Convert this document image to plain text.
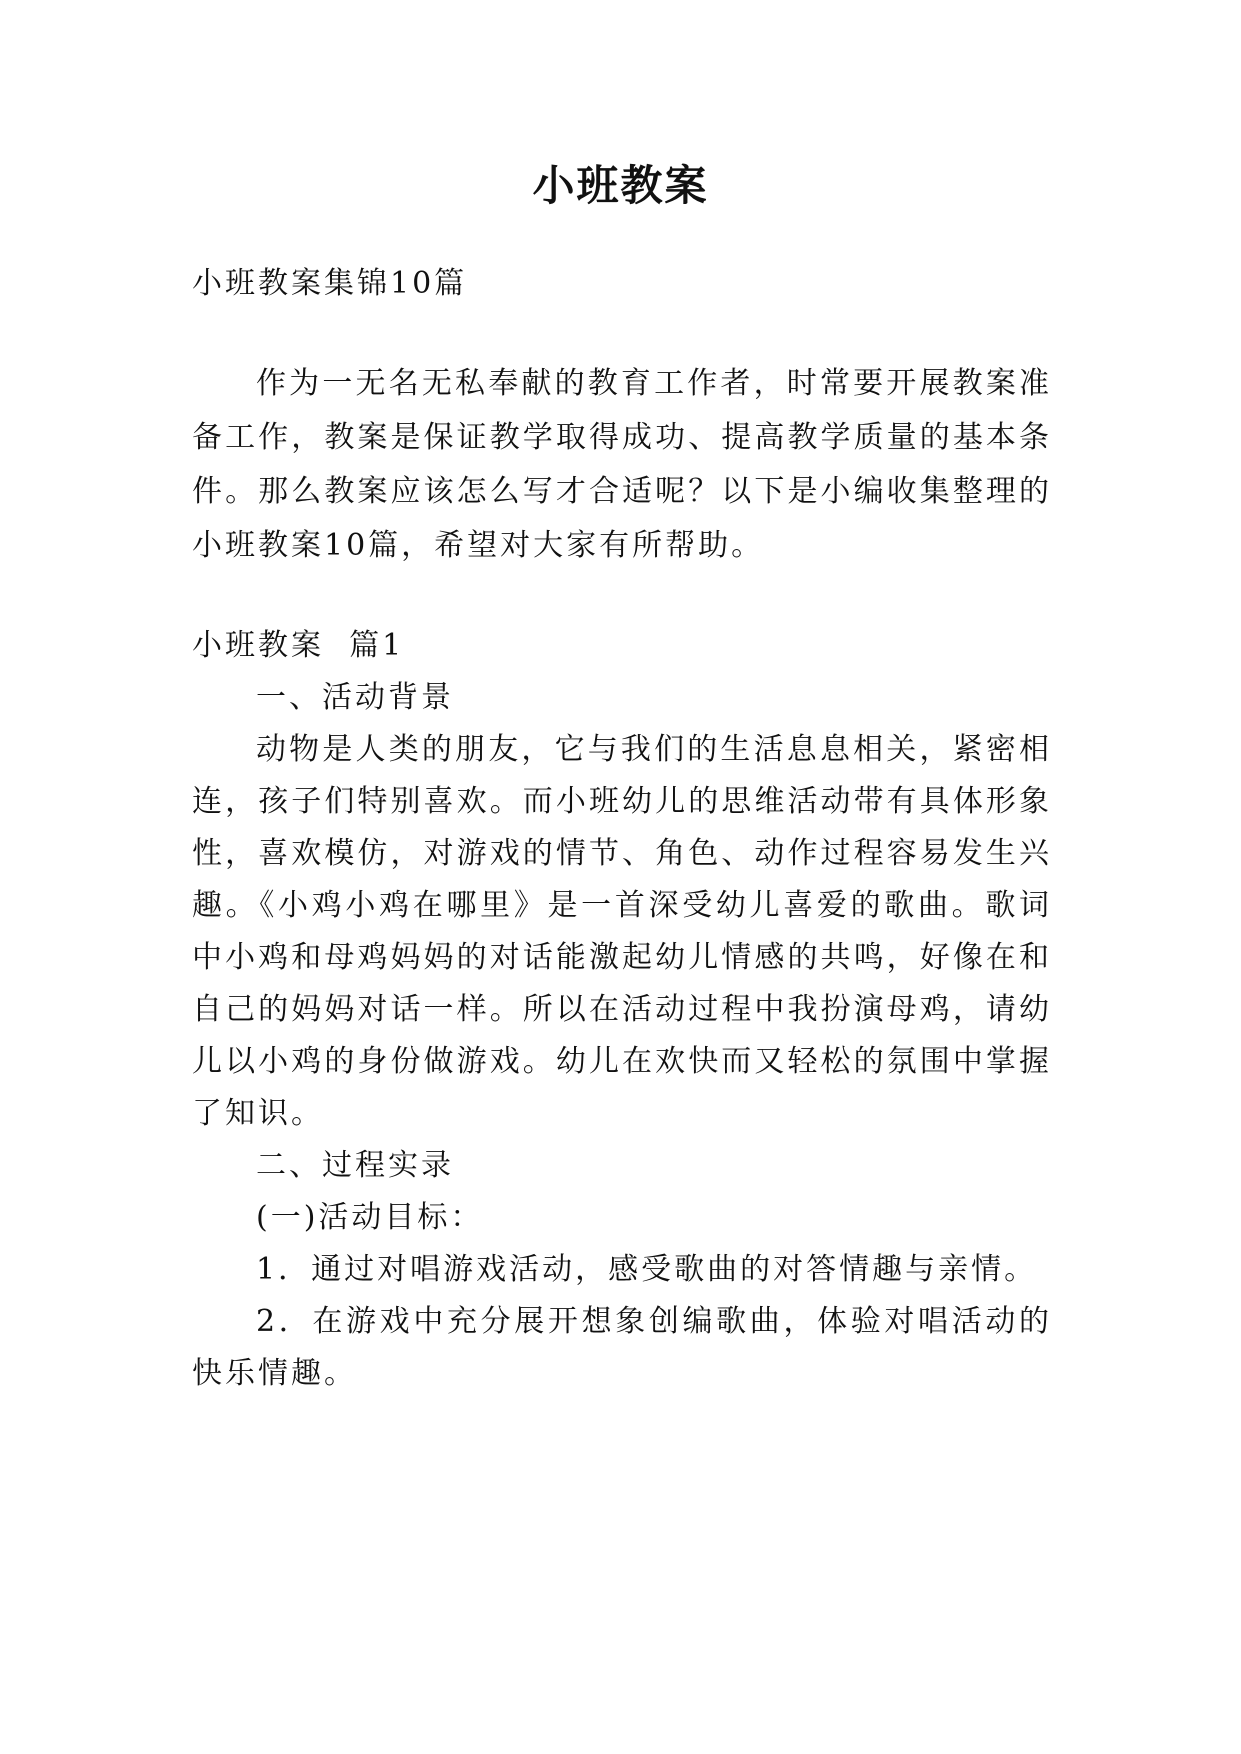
小班教案
小班教案集锦10篇
作为一无名无私奉献的教育工作者，时常要开展教案准
备工作，教案是保证教学取得成功、提高教学质量的基本条
件。那么教案应该怎么写才合适呢？以下是小编收集整理的
小班教案10篇，希望对大家有所帮助。
小班教案  篇1
一、活动背景
动物是人类的朋友，它与我们的生活息息相关，紧密相
连，孩子们特别喜欢。而小班幼儿的思维活动带有具体形象
性，喜欢模仿，对游戏的情节、角色、动作过程容易发生兴
趣。《小鸡小鸡在哪里》是一首深受幼儿喜爱的歌曲。歌词
中小鸡和母鸡妈妈的对话能激起幼儿情感的共鸣，好像在和
自己的妈妈对话一样。所以在活动过程中我扮演母鸡，请幼
儿以小鸡的身份做游戏。幼儿在欢快而又轻松的氛围中掌握
了知识。
二、过程实录
(一)活动目标：
1．通过对唱游戏活动，感受歌曲的对答情趣与亲情。
2．在游戏中充分展开想象创编歌曲，体验对唱活动的
快乐情趣。
